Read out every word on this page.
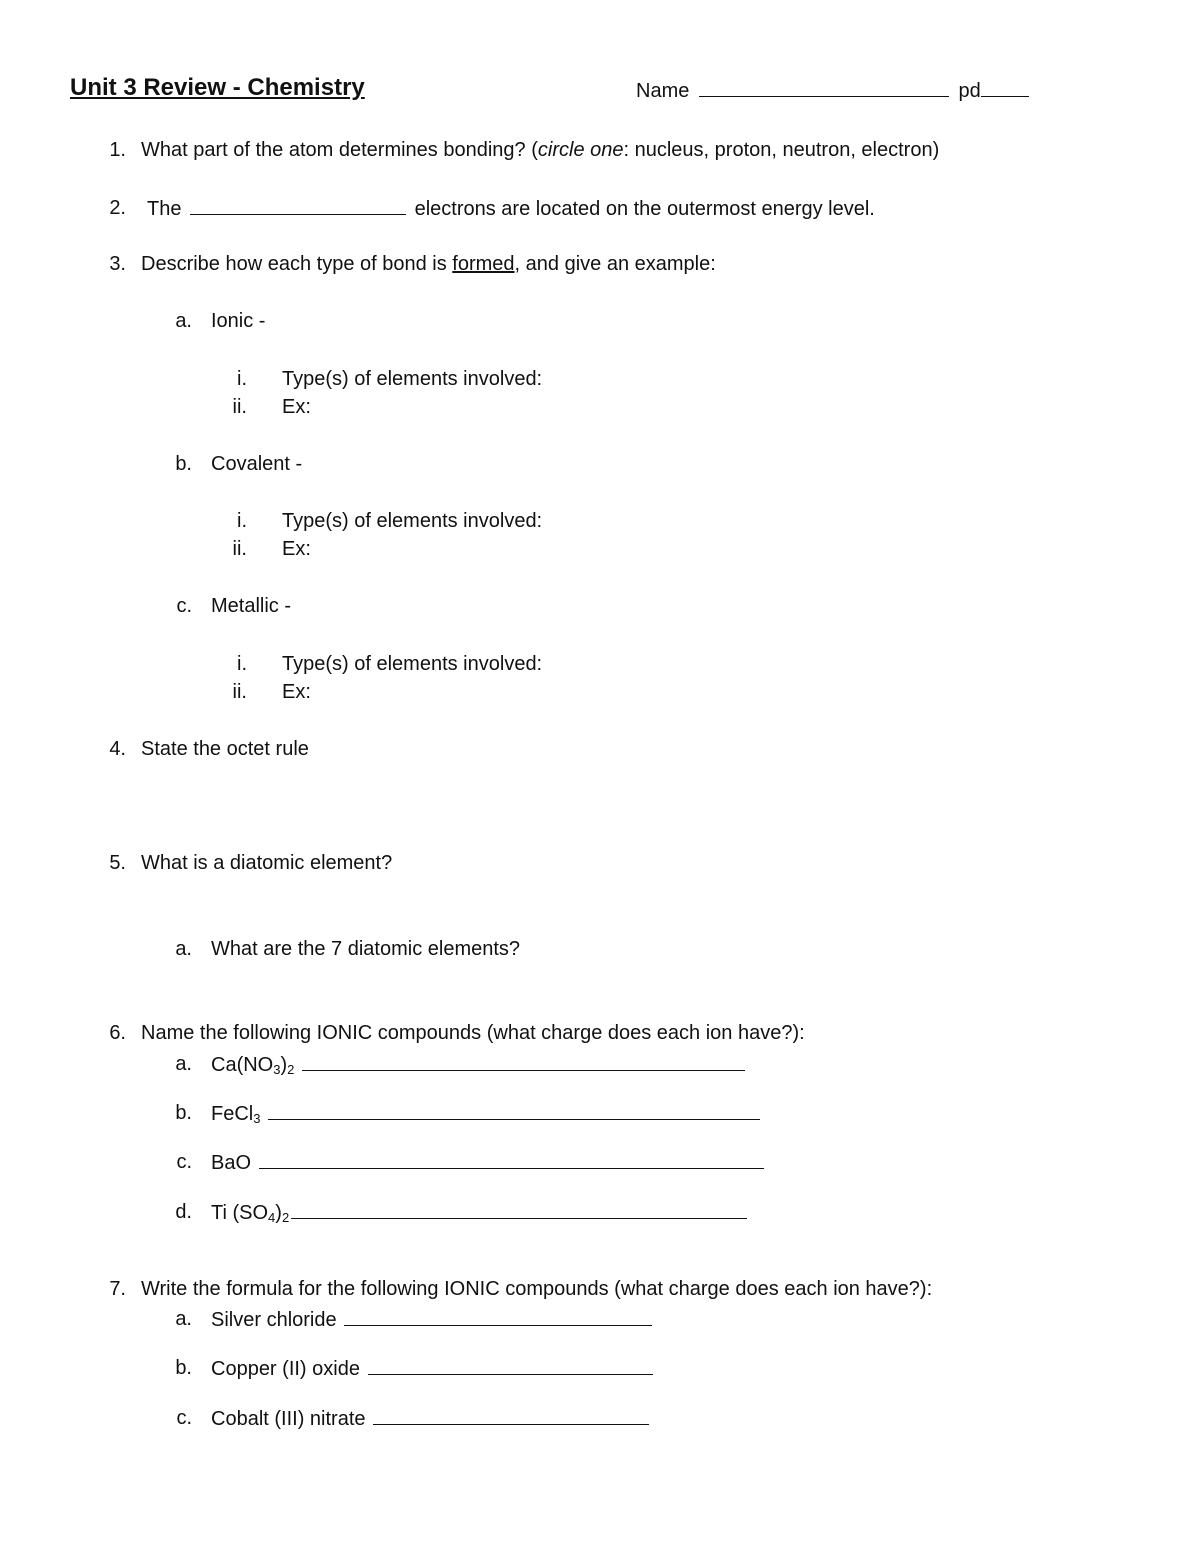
Unit 3 Review - Chemistry	Name	pd
1. What part of the atom determines bonding? (circle one: nucleus, proton, neutron, electron)
2. The	electrons are located on the outermost energy level.
3. Describe how each type of bond is formed, and give an example:
a. Ionic -
i. Type(s) of elements involved:
ii. Ex:
b. Covalent -
i. Type(s) of elements involved:
ii. Ex:
c. Metallic -
i. Type(s) of elements involved:
ii. Ex:
4. State the octet rule
5. What is a diatomic element?
a. What are the 7 diatomic elements?
6. Name the following IONIC compounds (what charge does each ion have?):
a. $Ca(NO_3)_2$
b. FeCl$_3$
c. BaO
d. Ti $(SO_4)_2$
7. Write the formula for the following IONIC compounds (what charge does each ion have?):
a. Silver chloride
b. Copper (II) oxide
c. Cobalt (III) nitrate
